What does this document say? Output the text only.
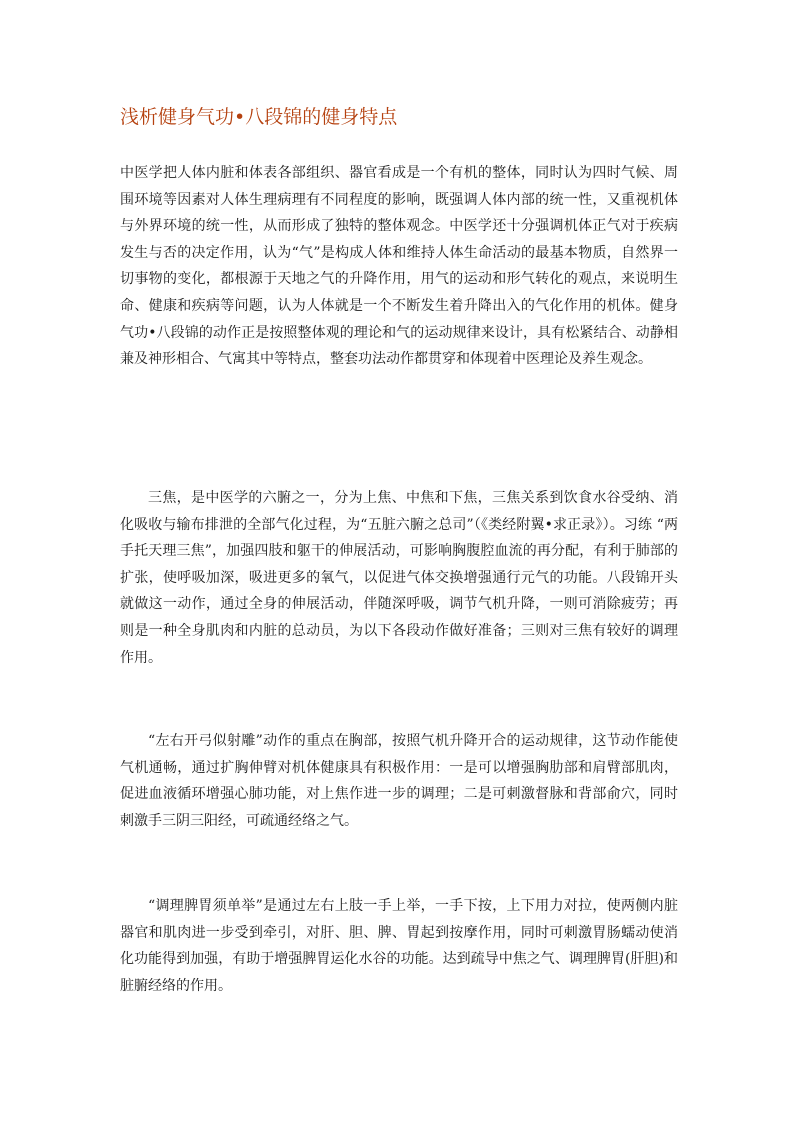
浅析健身气功•八段锦的健身特点

中医学把人体内脏和体表各部组织、器官看成是一个有机的整体，同时认为四时气候、周围环境等因素对人体生理病理有不同程度的影响，既强调人体内部的统一性，又重视机体与外界环境的统一性，从而形成了独特的整体观念。中医学还十分强调机体正气对于疾病发生与否的决定作用，认为“气”是构成人体和维持人体生命活动的最基本物质，自然界一切事物的变化，都根源于天地之气的升降作用，用气的运动和形气转化的观点，来说明生命、健康和疾病等问题，认为人体就是一个不断发生着升降出入的气化作用的机体。健身气功•八段锦的动作正是按照整体观的理论和气的运动规律来设计，具有松紧结合、动静相兼及神形相合、气寓其中等特点，整套功法动作都贯穿和体现着中医理论及养生观念。

三焦，是中医学的六腑之一，分为上焦、中焦和下焦，三焦关系到饮食水谷受纳、消化吸收与输布排泄的全部气化过程，为“五脏六腑之总司”（《类经附翼•求正录》）。习练 “两手托天理三焦”，加强四肢和躯干的伸展活动，可影响胸腹腔血流的再分配，有利于肺部的扩张，使呼吸加深，吸进更多的氧气，以促进气体交换增强通行元气的功能。八段锦开头就做这一动作，通过全身的伸展活动，伴随深呼吸，调节气机升降，一则可消除疲劳；再则是一种全身肌肉和内脏的总动员，为以下各段动作做好准备；三则对三焦有较好的调理作用。

“左右开弓似射雕”动作的重点在胸部，按照气机升降开合的运动规律，这节动作能使气机通畅，通过扩胸伸臂对机体健康具有积极作用：一是可以增强胸肋部和肩臂部肌肉，促进血液循环增强心肺功能，对上焦作进一步的调理；二是可刺激督脉和背部俞穴，同时刺激手三阴三阳经，可疏通经络之气。

“调理脾胃须单举”是通过左右上肢一手上举，一手下按，上下用力对拉，使两侧内脏器官和肌肉进一步受到牵引，对肝、胆、脾、胃起到按摩作用，同时可刺激胃肠蠕动使消化功能得到加强，有助于增强脾胃运化水谷的功能。达到疏导中焦之气、调理脾胃(肝胆)和脏腑经络的作用。
